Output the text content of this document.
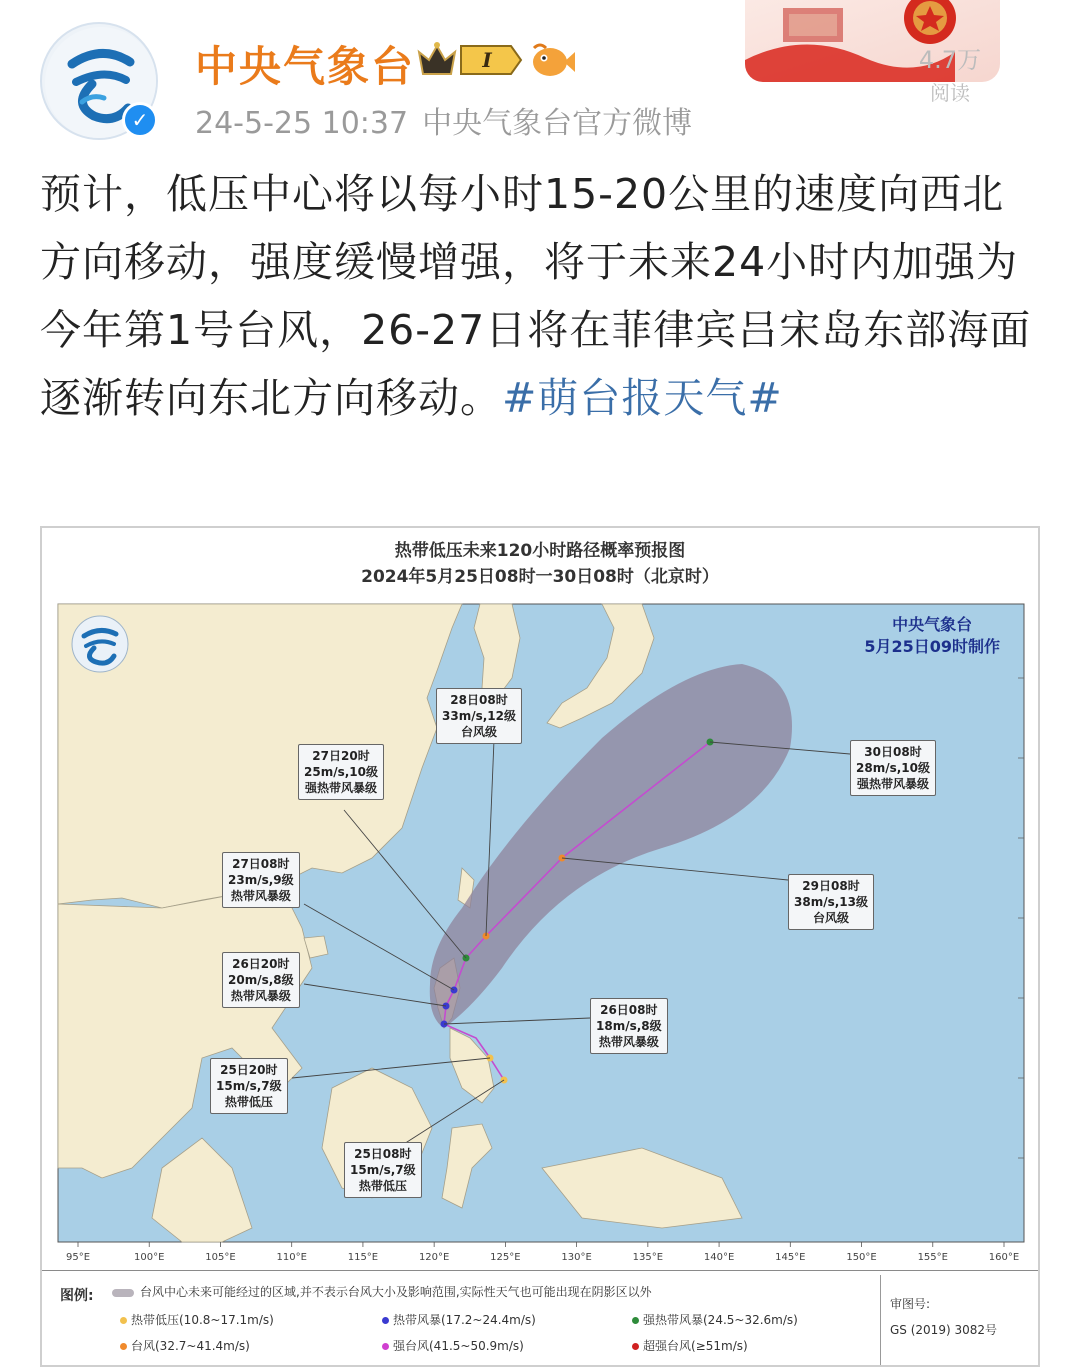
✓
中央气象台	I
24-5-25 10:37 中央气象台官方微博
4.7万
阅读
预计，低压中心将以每小时15-20公里的速度向西北方向移动，强度缓慢增强，将于未来24小时内加强为今年第1号台风，26-27日将在菲律宾吕宋岛东部海面逐渐转向东北方向移动。#萌台报天气#
热带低压未来120小时路径概率预报图
2024年5月25日08时一30日08时（北京时）
95°E	100°E	105°E	110°E	115°E	120°E	125°E	130°E	135°E	140°E	145°E	150°E	155°E	160°E
中央气象台
5月25日09时制作
28日08时
33m/s,12级
台风级
27日20时
25m/s,10级
强热带风暴级
27日08时
23m/s,9级
热带风暴级
26日20时
20m/s,8级
热带风暴级
25日20时
15m/s,7级
热带低压
25日08时
15m/s,7级
热带低压
30日08时
28m/s,10级
强热带风暴级
29日08时
38m/s,13级
台风级
26日08时
18m/s,8级
热带风暴级
图例:	台风中心未来可能经过的区域,并不表示台风大小及影响范围,实际性天气也可能出现在阴影区以外
热带低压(10.8~17.1m/s)	热带风暴(17.2~24.4m/s)	强热带风暴(24.5~32.6m/s)
台风(32.7~41.4m/s)	强台风(41.5~50.9m/s)	超强台风(≥51m/s)
审图号:
GS (2019) 3082号
